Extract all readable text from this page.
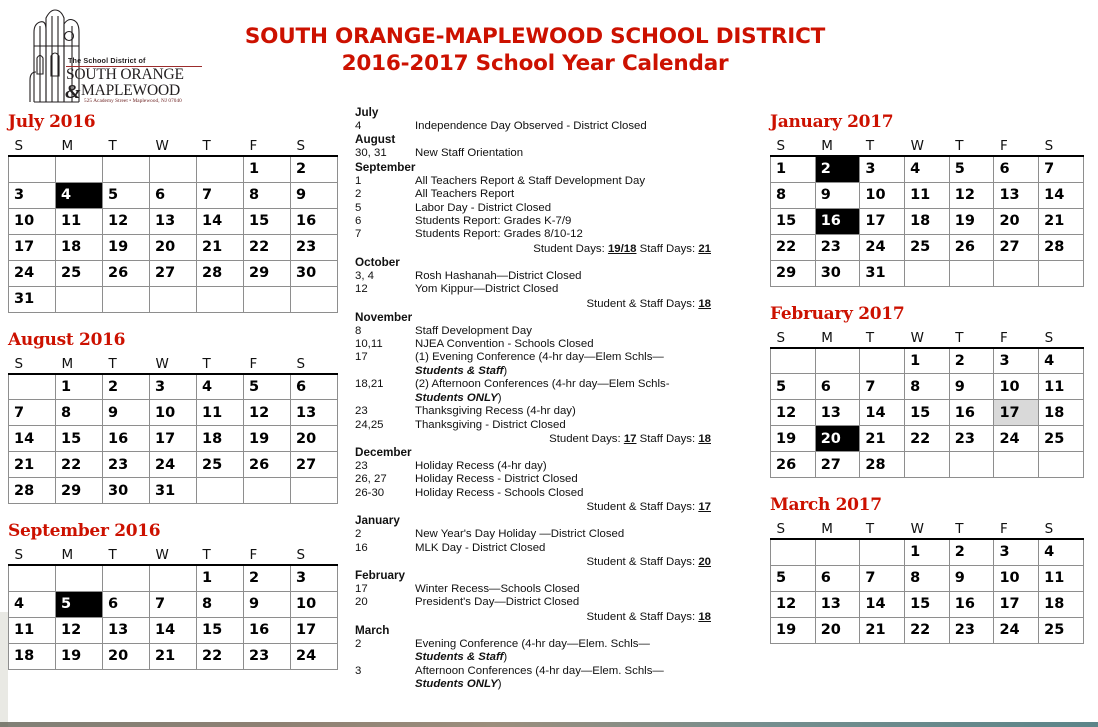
The School District of
SOUTH ORANGE
& MAPLEWOOD
525 Academy Street • Maplewood, NJ 07040
SOUTH ORANGE-MAPLEWOOD SCHOOL DISTRICT
2016-2017 School Year Calendar
July 2016
S	M	T	W	T	F	S
					1	2
3	4	5	6	7	8	9
10	11	12	13	14	15	16
17	18	19	20	21	22	23
24	25	26	27	28	29	30
31						
August 2016
S	M	T	W	T	F	S
	1	2	3	4	5	6
7	8	9	10	11	12	13
14	15	16	17	18	19	20
21	22	23	24	25	26	27
28	29	30	31			
September 2016
S	M	T	W	T	F	S
				1	2	3
4	5	6	7	8	9	10
11	12	13	14	15	16	17
18	19	20	21	22	23	24
July
4	Independence Day Observed - District Closed
August
30, 31	New Staff Orientation
September
1	All Teachers Report & Staff Development Day
2	All Teachers Report
5	Labor Day - District Closed
6	Students Report: Grades K-7/9
7	Students Report: Grades 8/10-12
Student Days: 19/18 Staff Days: 21
October
3, 4	Rosh Hashanah—District Closed
12	Yom Kippur—District Closed
Student & Staff Days: 18
November
8	Staff Development Day
10,11	NJEA Convention - Schools Closed
17	(1) Evening Conference (4-hr day—Elem Schls—
Students & Staff)
18,21	(2) Afternoon Conferences (4-hr day—Elem Schls-
Students ONLY)
23	Thanksgiving Recess (4-hr day)
24,25	Thanksgiving - District Closed
Student Days: 17 Staff Days: 18
December
23	Holiday Recess (4-hr day)
26, 27	Holiday Recess - District Closed
26-30	Holiday Recess - Schools Closed
Student & Staff Days: 17
January
2	New Year's Day Holiday —District Closed
16	MLK Day - District Closed
Student & Staff Days: 20
February
17	Winter Recess—Schools Closed
20	President's Day—District Closed
Student & Staff Days: 18
March
2	Evening Conference (4-hr day—Elem. Schls—
Students & Staff)
3	Afternoon Conferences (4-hr day—Elem. Schls—
Students ONLY)
January 2017
S	M	T	W	T	F	S
1	2	3	4	5	6	7
8	9	10	11	12	13	14
15	16	17	18	19	20	21
22	23	24	25	26	27	28
29	30	31				
February 2017
S	M	T	W	T	F	S
			1	2	3	4
5	6	7	8	9	10	11
12	13	14	15	16	17	18
19	20	21	22	23	24	25
26	27	28				
March 2017
S	M	T	W	T	F	S
			1	2	3	4
5	6	7	8	9	10	11
12	13	14	15	16	17	18
19	20	21	22	23	24	25
